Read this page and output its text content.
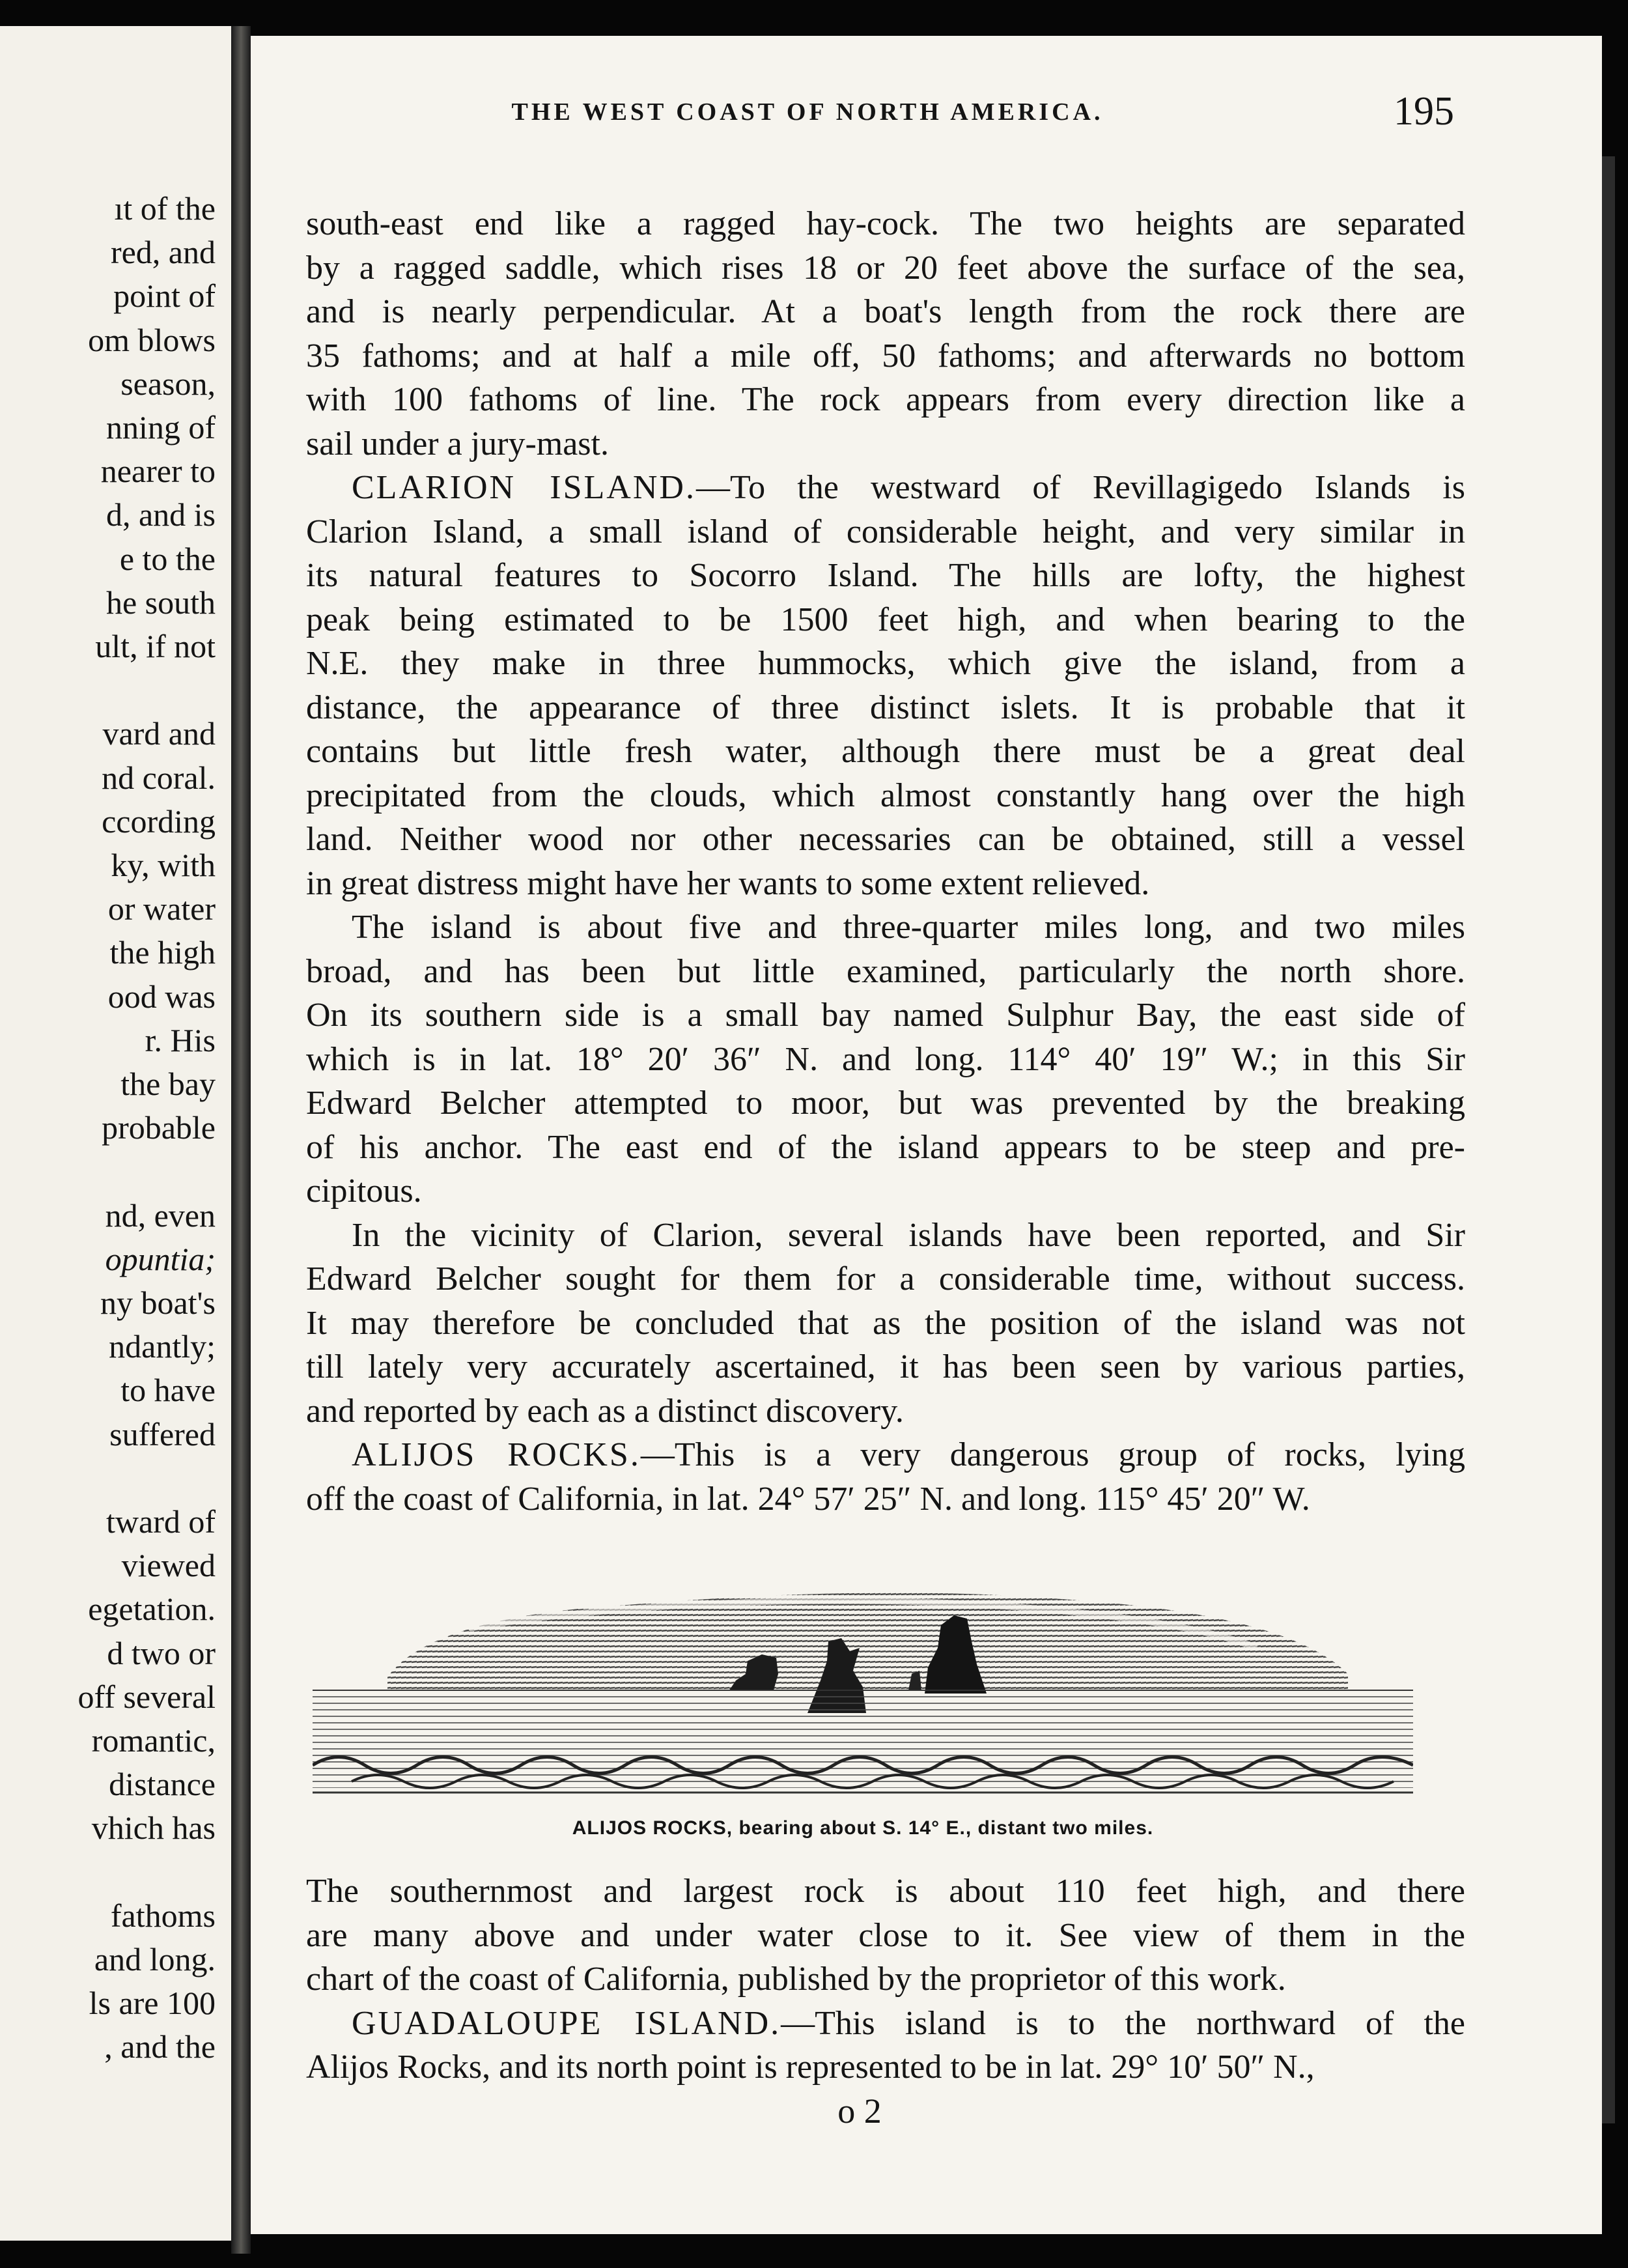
ıt of the
red, and
point of
om blows
season,
nning of
nearer to
d, and is
e to the
he south
ult, if not
vard and
nd coral.
ccording
ky, with
or water
the high
ood was
r. His
the bay
probable
nd, even
opuntia;
ny boat's
ndantly;
to have
suffered
tward of
viewed
egetation.
d two or
off several
romantic,
distance
vhich has
fathoms
and long.
ls are 100
, and the
THE WEST COAST OF NORTH AMERICA.	195
south-east end like a ragged hay-cock. The two heights are separated
by a ragged saddle, which rises 18 or 20 feet above the surface of the sea,
and is nearly perpendicular. At a boat's length from the rock there are
35 fathoms; and at half a mile off, 50 fathoms; and afterwards no bottom
with 100 fathoms of line. The rock appears from every direction like a
sail under a jury-mast.
CLARION ISLAND.—To the westward of Revillagigedo Islands is
Clarion Island, a small island of considerable height, and very similar in
its natural features to Socorro Island. The hills are lofty, the highest
peak being estimated to be 1500 feet high, and when bearing to the
N.E. they make in three hummocks, which give the island, from a
distance, the appearance of three distinct islets. It is probable that it
contains but little fresh water, although there must be a great deal
precipitated from the clouds, which almost constantly hang over the high
land. Neither wood nor other necessaries can be obtained, still a vessel
in great distress might have her wants to some extent relieved.
The island is about five and three-quarter miles long, and two miles
broad, and has been but little examined, particularly the north shore.
On its southern side is a small bay named Sulphur Bay, the east side of
which is in lat. 18° 20′ 36″ N. and long. 114° 40′ 19″ W.; in this Sir
Edward Belcher attempted to moor, but was prevented by the breaking
of his anchor. The east end of the island appears to be steep and pre-
cipitous.
In the vicinity of Clarion, several islands have been reported, and Sir
Edward Belcher sought for them for a considerable time, without success.
It may therefore be concluded that as the position of the island was not
till lately very accurately ascertained, it has been seen by various parties,
and reported by each as a distinct discovery.
ALIJOS ROCKS.—This is a very dangerous group of rocks, lying
off the coast of California, in lat. 24° 57′ 25″ N. and long. 115° 45′ 20″ W.
ALIJOS ROCKS, bearing about S. 14° E., distant two miles.
The southernmost and largest rock is about 110 feet high, and there
are many above and under water close to it. See view of them in the
chart of the coast of California, published by the proprietor of this work.
GUADALOUPE ISLAND.—This island is to the northward of the
Alijos Rocks, and its north point is represented to be in lat. 29° 10′ 50″ N.,
o 2
